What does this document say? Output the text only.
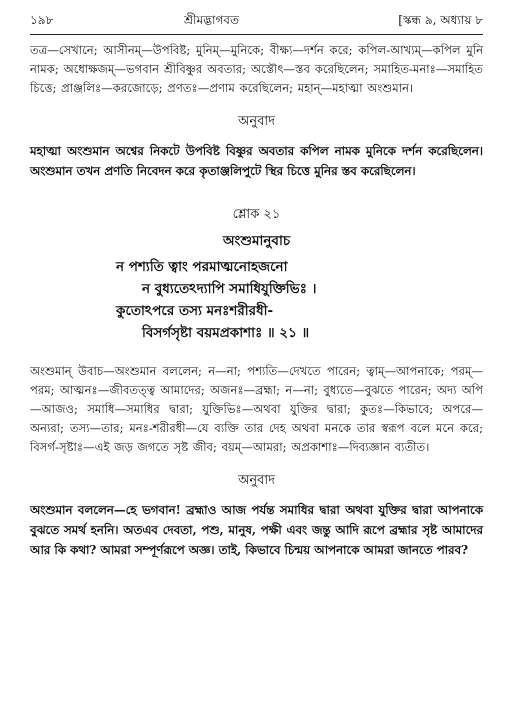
১৯৮	শ্রীমদ্ভাগবত	[স্কন্ধ ৯, অধ্যায় ৮

তত্র—সেখানে; আসীনম্—উপবিষ্ট; মুনিম্—মুনিকে; বীক্ষ্য—দর্শন করে; কপিল-আখ্যম্—কপিল মুনি নামক; অধোক্ষজম্—ভগবান শ্রীবিষ্ণুর অবতার; অস্তৌৎ—স্তব করেছিলেন; সমাহিত-মনাঃ—সমাহিত চিত্তে; প্রাঞ্জলিঃ—করজোড়ে; প্রণতঃ—প্রণাম করেছিলেন; মহান্—মহাত্মা অংশুমান।

অনুবাদ

মহাত্মা অংশুমান অশ্বের নিকটে উপবিষ্ট বিষ্ণুর অবতার কপিল নামক মুনিকে দর্শন করেছিলেন। অংশুমান তখন প্রণতি নিবেদন করে কৃতাঞ্জলিপুটে স্থির চিত্তে মুনির স্তব করেছিলেন।

শ্লোক ২১
অংশুমানুবাচ
ন পশ্যতি ত্বাং পরমাত্মনোহজনো
ন বুধ্যতেঽদ্যাপি সমাধিযুক্তিভিঃ ।
কুতোঽপরে তস্য মনঃশরীরধী-
বিসর্গসৃষ্টা বয়মপ্রকাশাঃ ॥ ২১ ॥

অংশুমান্ উবাচ—অংশুমান বললেন; ন—না; পশ্যতি—দেখতে পারেন; ত্বাম্—আপনাকে; পরম্—পরম; আত্মনঃ—জীবতত্ত্ব আমাদের; অজনঃ—ব্রহ্মা; ন—না; বুধ্যতে—বুঝতে পারেন; অদ্য অপি—আজও; সমাধি—সমাধির দ্বারা; যুক্তিভিঃ—অথবা যুক্তির দ্বারা; কুতঃ—কিভাবে; অপরে—অন্যরা; তস্য—তার; মনঃ-শরীরধী—যে ব্যক্তি তার দেহ অথবা মনকে তার স্বরূপ বলে মনে করে; বিসর্গ-সৃষ্টাঃ—এই জড় জগতে সৃষ্ট জীব; বয়ম্—আমরা; অপ্রকাশাঃ—দিব্যজ্ঞান ব্যতীত।

অনুবাদ

অংশুমান বললেন—হে ভগবান! ব্রহ্মাও আজ পর্যন্ত সমাধির দ্বারা অথবা যুক্তির দ্বারা আপনাকে বুঝতে সমর্থ হননি। অতএব দেবতা, পশু, মানুষ, পক্ষী এবং জন্তু আদি রূপে ব্রহ্মার সৃষ্ট আমাদের আর কি কথা? আমরা সম্পূর্ণরূপে অজ্ঞ। তাই, কিভাবে চিন্ময় আপনাকে আমরা জানতে পারব?
